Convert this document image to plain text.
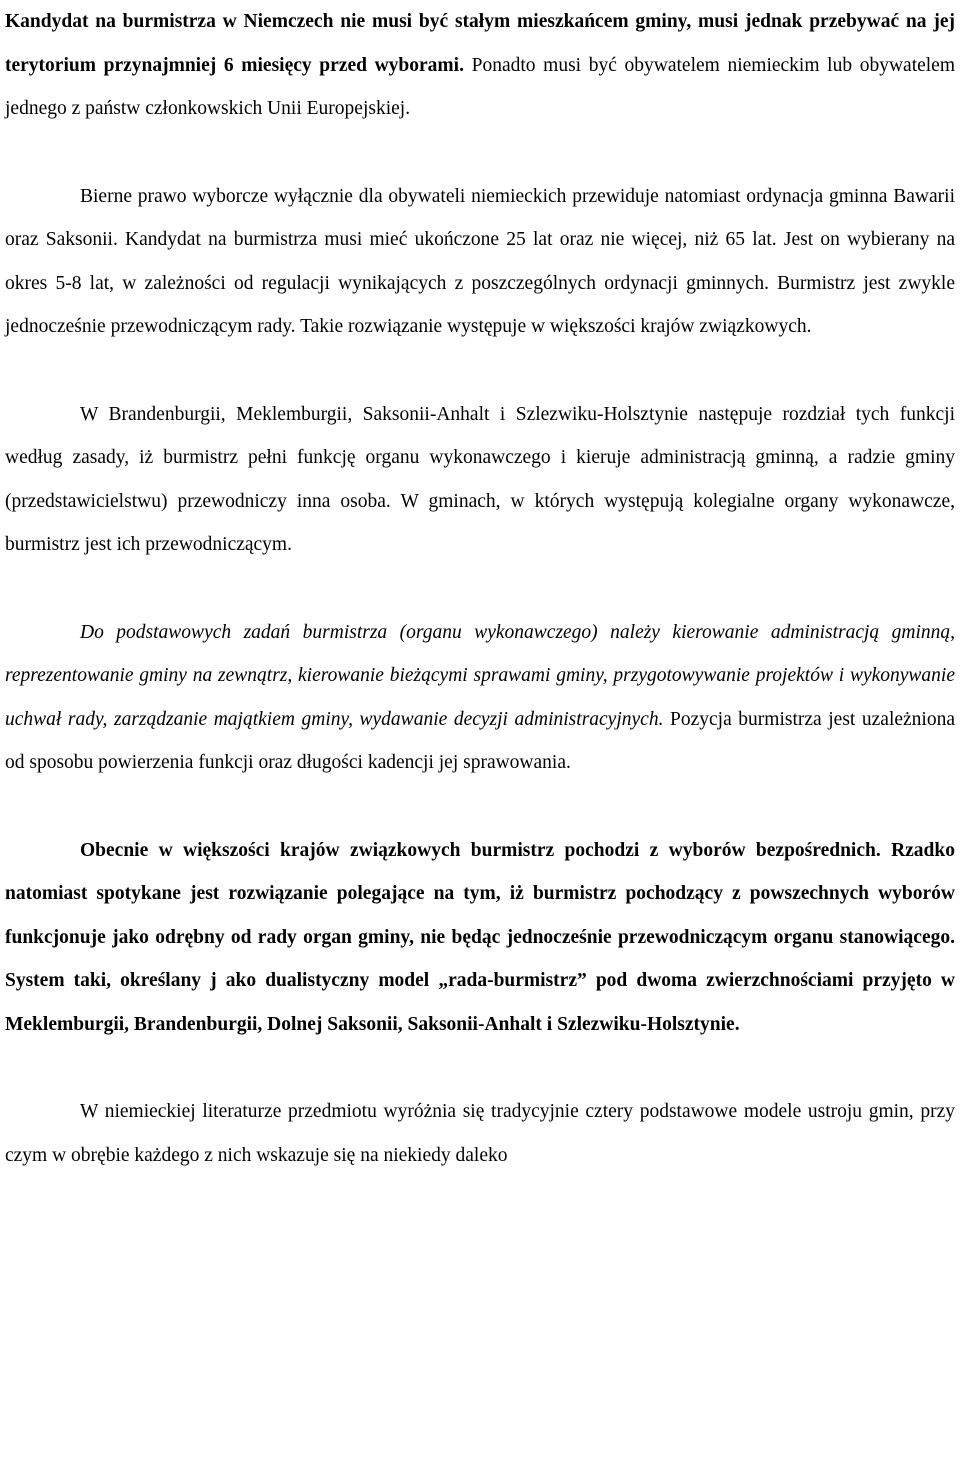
Kandydat na burmistrza w Niemczech nie musi być stałym mieszkańcem gminy, musi jednak przebywać na jej terytorium przynajmniej 6 miesięcy przed wyborami. Ponadto musi być obywatelem niemieckim lub obywatelem jednego z państw członkowskich Unii Europejskiej.

Bierne prawo wyborcze wyłącznie dla obywateli niemieckich przewiduje natomiast ordynacja gminna Bawarii oraz Saksonii. Kandydat na burmistrza musi mieć ukończone 25 lat oraz nie więcej, niż 65 lat. Jest on wybierany na okres 5-8 lat, w zależności od regulacji wynikających z poszczególnych ordynacji gminnych. Burmistrz jest zwykle jednocześnie przewodniczącym rady. Takie rozwiązanie występuje w większości krajów związkowych.

W Brandenburgii, Meklemburgii, Saksonii-Anhalt i Szlezwiku-Holsztynie następuje rozdział tych funkcji według zasady, iż burmistrz pełni funkcję organu wykonawczego i kieruje administracją gminną, a radzie gminy (przedstawicielstwu) przewodniczy inna osoba. W gminach, w których występują kolegialne organy wykonawcze, burmistrz jest ich przewodniczącym.

Do podstawowych zadań burmistrza (organu wykonawczego) należy kierowanie administracją gminną, reprezentowanie gminy na zewnątrz, kierowanie bieżącymi sprawami gminy, przygotowywanie projektów i wykonywanie uchwał rady, zarządzanie majątkiem gminy, wydawanie decyzji administracyjnych. Pozycja burmistrza jest uzależniona od sposobu powierzenia funkcji oraz długości kadencji jej sprawowania.

Obecnie w większości krajów związkowych burmistrz pochodzi z wyborów bezpośrednich. Rzadko natomiast spotykane jest rozwiązanie polegające na tym, iż burmistrz pochodzący z powszechnych wyborów funkcjonuje jako odrębny od rady organ gminy, nie będąc jednocześnie przewodniczącym organu stanowiącego. System taki, określany j ako dualistyczny model „rada-burmistrz” pod dwoma zwierzchnościami przyjęto w Meklemburgii, Brandenburgii, Dolnej Saksonii, Saksonii-Anhalt i Szlezwiku-Holsztynie.

W niemieckiej literaturze przedmiotu wyróżnia się tradycyjnie cztery podstawowe modele ustroju gmin, przy czym w obrębie każdego z nich wskazuje się na niekiedy daleko
